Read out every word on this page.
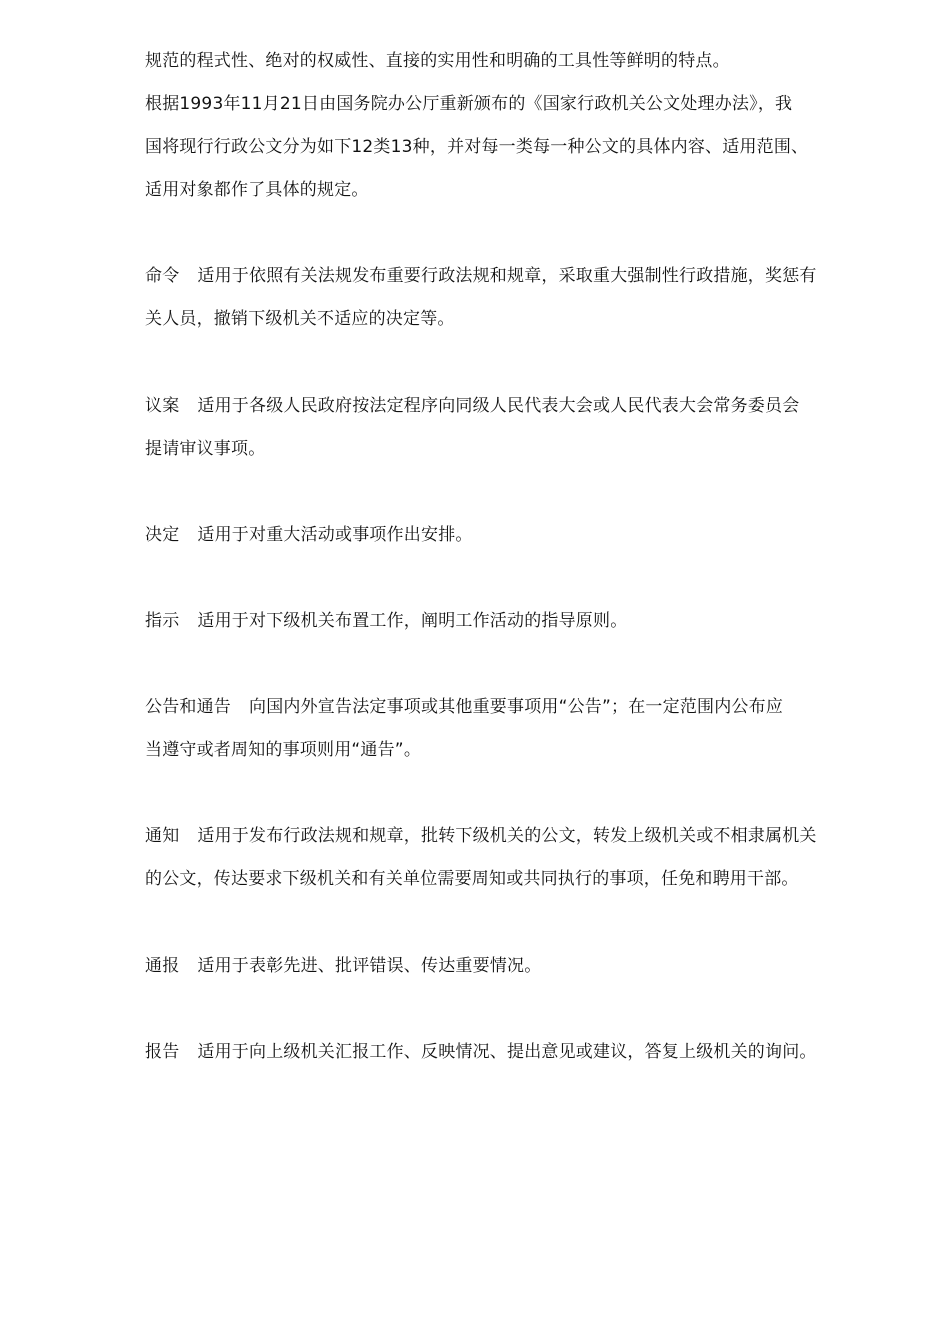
规范的程式性、绝对的权威性、直接的实用性和明确的工具性等鲜明的特点。
根据1993年11月21日由国务院办公厅重新颁布的《国家行政机关公文处理办法》，我
国将现行行政公文分为如下12类13种，并对每一类每一种公文的具体内容、适用范围、
适用对象都作了具体的规定。
命令 适用于依照有关法规发布重要行政法规和规章，采取重大强制性行政措施，奖惩有
关人员，撤销下级机关不适应的决定等。
议案 适用于各级人民政府按法定程序向同级人民代表大会或人民代表大会常务委员会
提请审议事项。
决定 适用于对重大活动或事项作出安排。
指示 适用于对下级机关布置工作，阐明工作活动的指导原则。
公告和通告 向国内外宣告法定事项或其他重要事项用“公告”；在一定范围内公布应
当遵守或者周知的事项则用“通告”。
通知 适用于发布行政法规和规章，批转下级机关的公文，转发上级机关或不相隶属机关
的公文，传达要求下级机关和有关单位需要周知或共同执行的事项，任免和聘用干部。
通报 适用于表彰先进、批评错误、传达重要情况。
报告 适用于向上级机关汇报工作、反映情况、提出意见或建议，答复上级机关的询问。
